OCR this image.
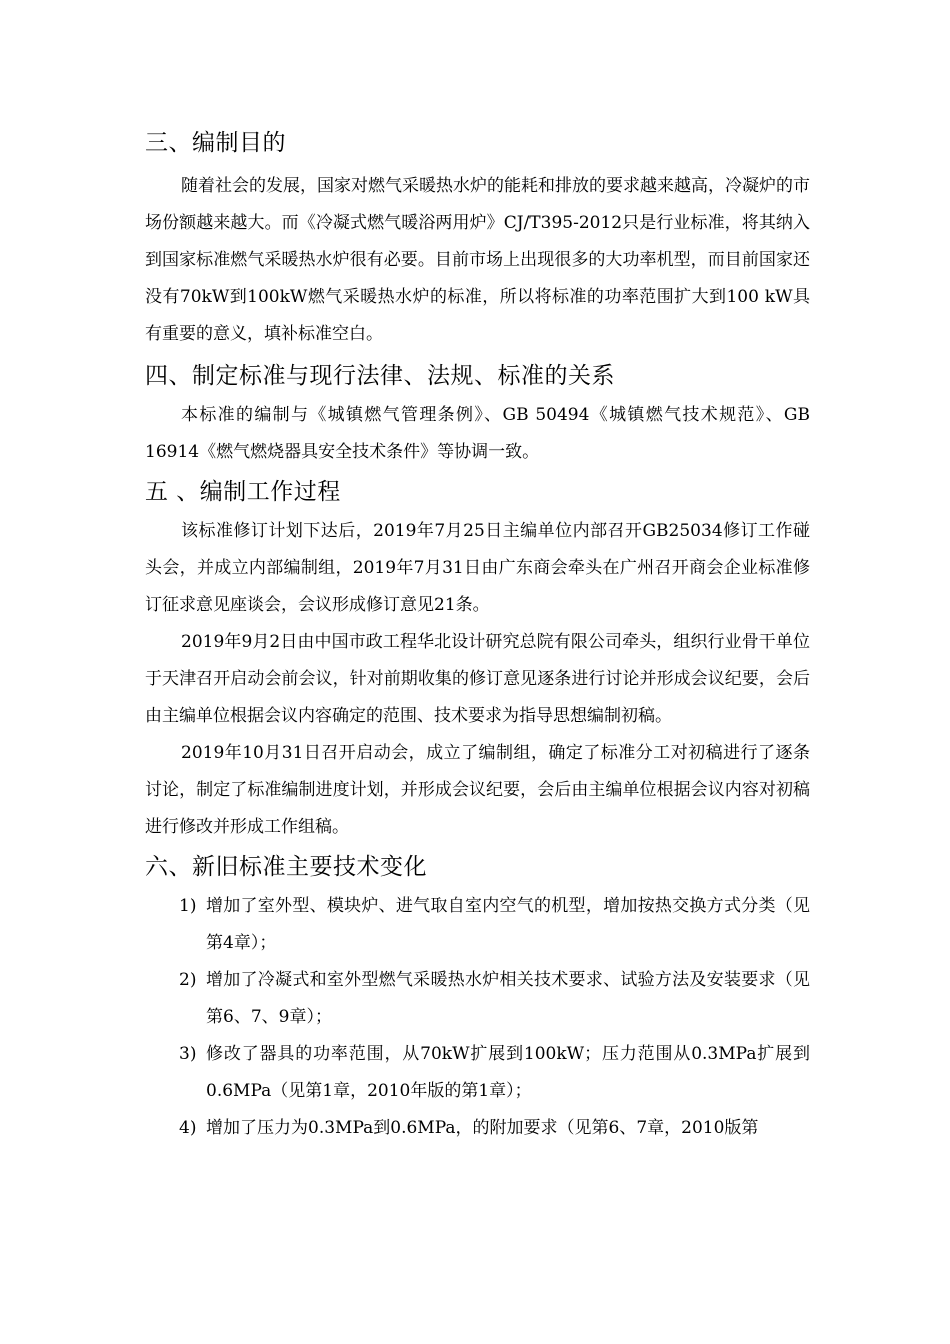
三、编制目的

随着社会的发展，国家对燃气采暖热水炉的能耗和排放的要求越来越高，冷凝炉的市场份额越来越大。而《冷凝式燃气暖浴两用炉》CJ/T395-2012只是行业标准，将其纳入到国家标准燃气采暖热水炉很有必要。目前市场上出现很多的大功率机型，而目前国家还没有70kW到100kW燃气采暖热水炉的标准，所以将标准的功率范围扩大到100 kW具有重要的意义，填补标准空白。

四、制定标准与现行法律、法规、标准的关系

本标准的编制与《城镇燃气管理条例》、GB 50494《城镇燃气技术规范》、GB 16914《燃气燃烧器具安全技术条件》等协调一致。

五 、编制工作过程

该标准修订计划下达后，2019年7月25日主编单位内部召开GB25034修订工作碰头会，并成立内部编制组，2019年7月31日由广东商会牵头在广州召开商会企业标准修订征求意见座谈会，会议形成修订意见21条。

2019年9月2日由中国市政工程华北设计研究总院有限公司牵头，组织行业骨干单位于天津召开启动会前会议，针对前期收集的修订意见逐条进行讨论并形成会议纪要，会后由主编单位根据会议内容确定的范围、技术要求为指导思想编制初稿。

2019年10月31日召开启动会，成立了编制组，确定了标准分工对初稿进行了逐条讨论，制定了标准编制进度计划，并形成会议纪要，会后由主编单位根据会议内容对初稿进行修改并形成工作组稿。

六、新旧标准主要技术变化
1) 增加了室外型、模块炉、进气取自室内空气的机型，增加按热交换方式分类（见第4章）；
2) 增加了冷凝式和室外型燃气采暖热水炉相关技术要求、试验方法及安装要求（见第6、7、9章）；
3) 修改了器具的功率范围，从70kW扩展到100kW；压力范围从0.3MPa扩展到0.6MPa（见第1章，2010年版的第1章）；
4) 增加了压力为0.3MPa到0.6MPa，的附加要求（见第6、7章，2010版第
